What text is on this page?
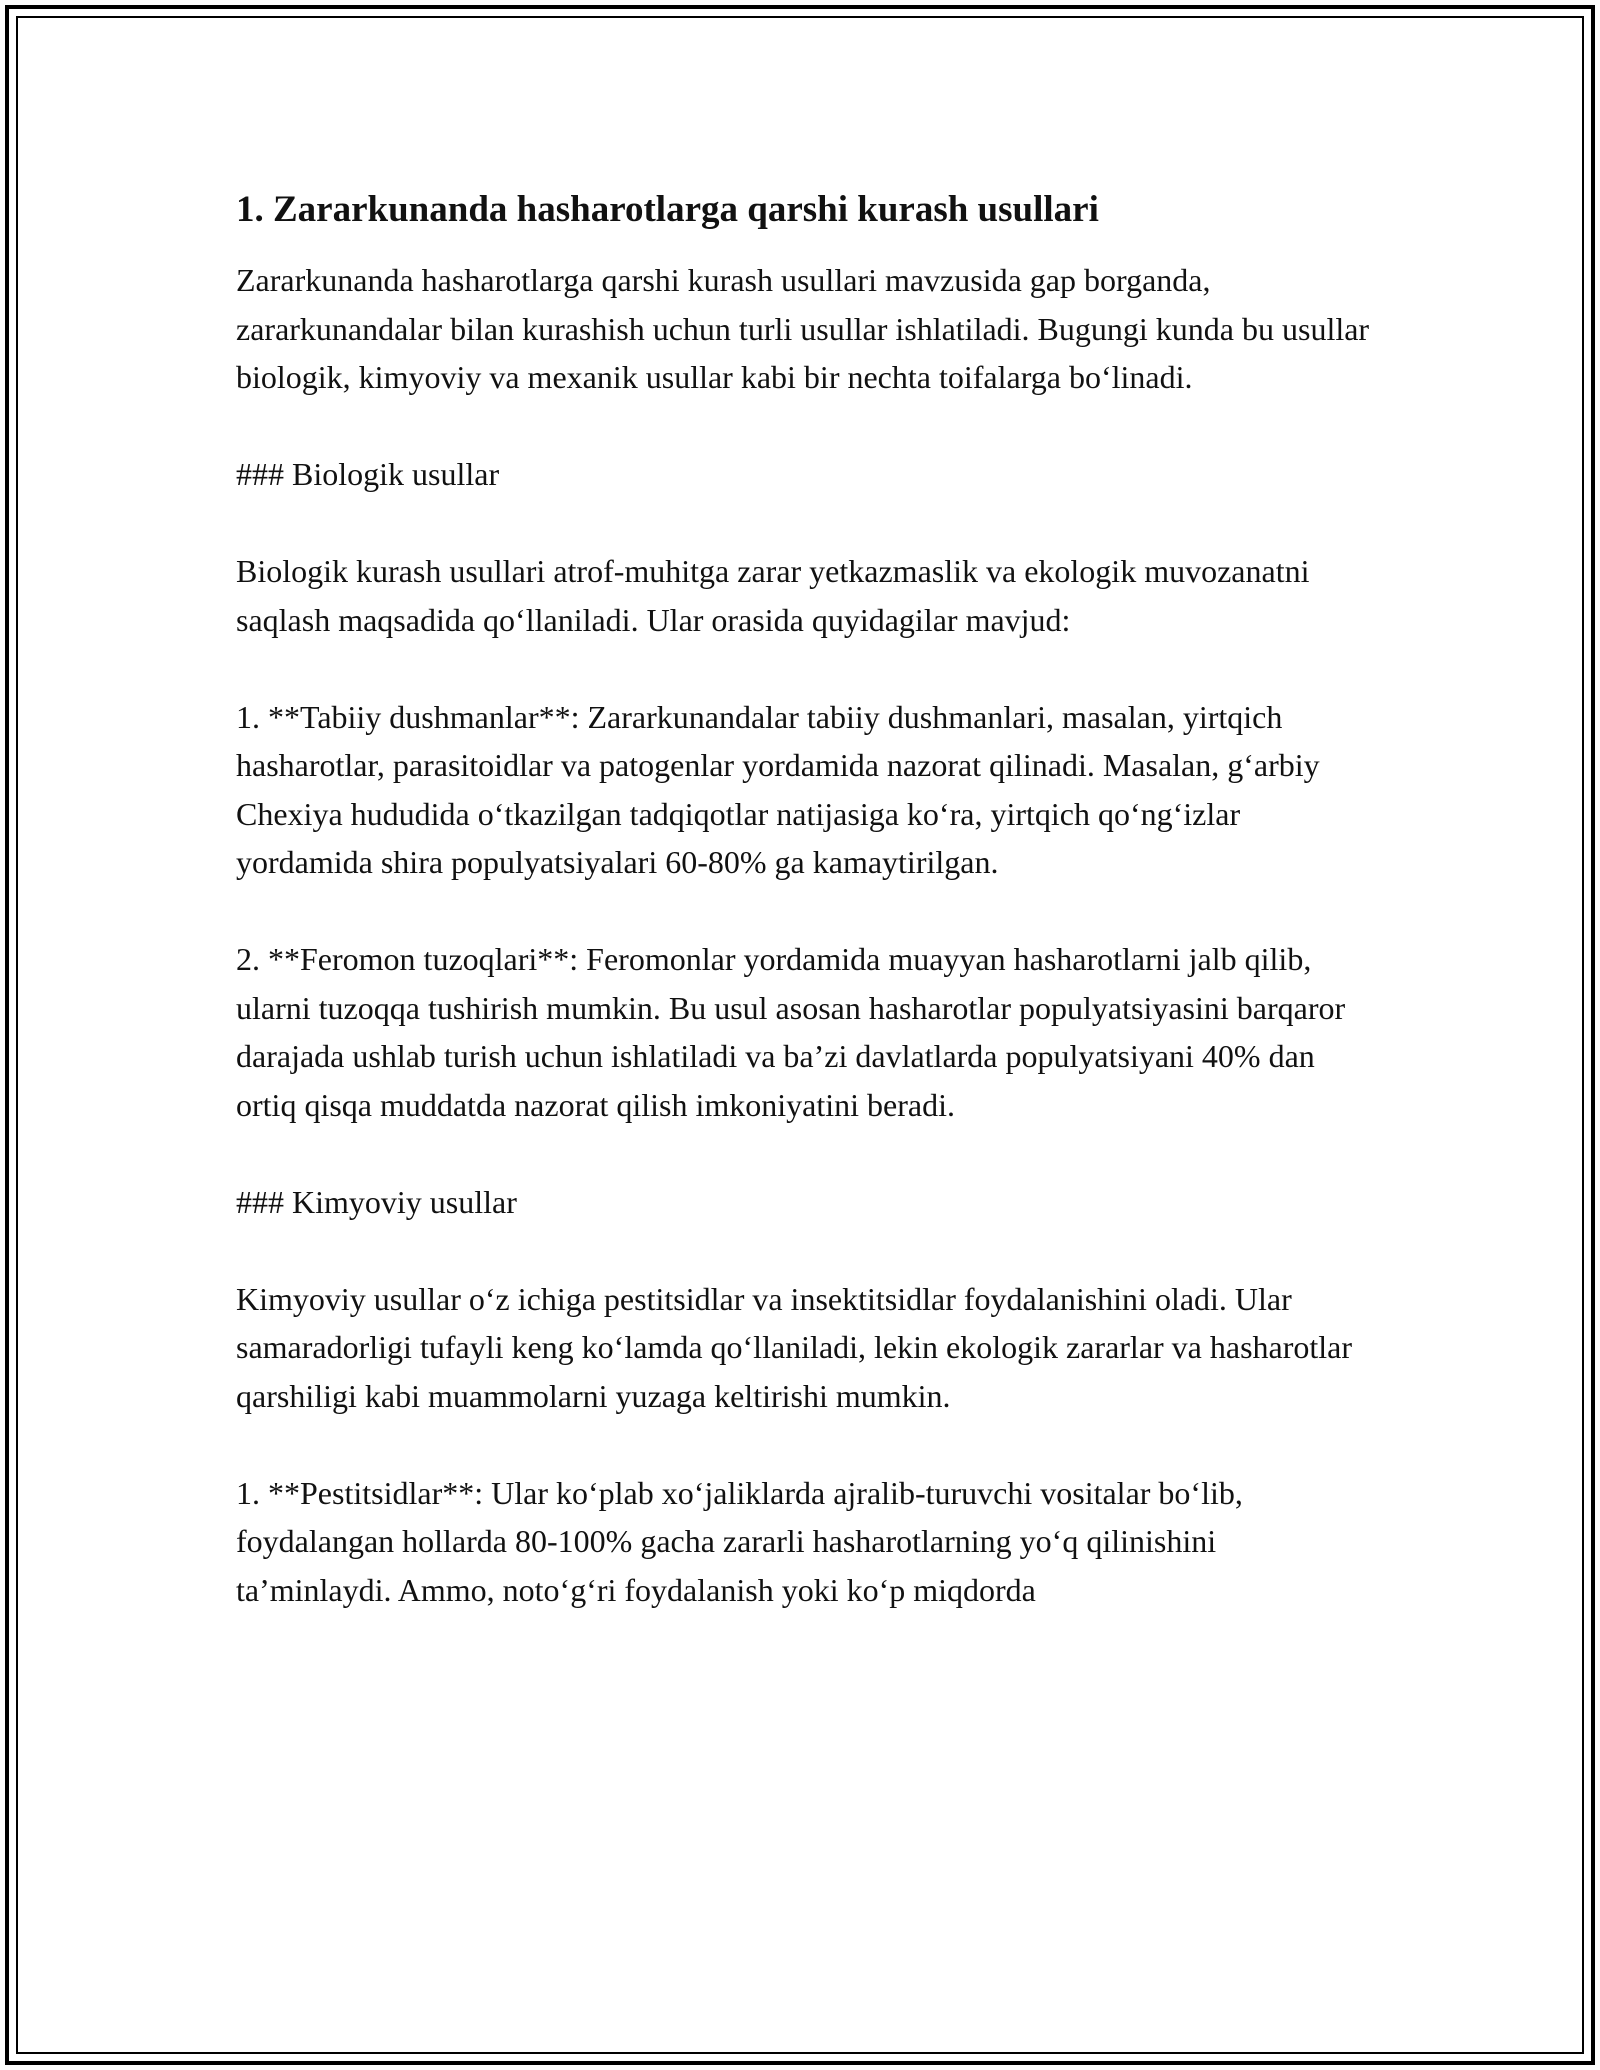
1. Zararkunanda hasharotlarga qarshi kurash usullari

Zararkunanda hasharotlarga qarshi kurash usullari mavzusida gap borganda, zararkunandalar bilan kurashish uchun turli usullar ishlatiladi. Bugungi kunda bu usullar biologik, kimyoviy va mexanik usullar kabi bir nechta toifalarga bo‘linadi.

### Biologik usullar

Biologik kurash usullari atrof-muhitga zarar yetkazmaslik va ekologik muvozanatni saqlash maqsadida qo‘llaniladi. Ular orasida quyidagilar mavjud:

1. **Tabiiy dushmanlar**: Zararkunandalar tabiiy dushmanlari, masalan, yirtqich hasharotlar, parasitoidlar va patogenlar yordamida nazorat qilinadi. Masalan, g‘arbiy Chexiya hududida o‘tkazilgan tadqiqotlar natijasiga ko‘ra, yirtqich qo‘ng‘izlar yordamida shira populyatsiyalari 60-80% ga kamaytirilgan.

2. **Feromon tuzoqlari**: Feromonlar yordamida muayyan hasharotlarni jalb qilib, ularni tuzoqqa tushirish mumkin. Bu usul asosan hasharotlar populyatsiyasini barqaror darajada ushlab turish uchun ishlatiladi va ba’zi davlatlarda populyatsiyani 40% dan ortiq qisqa muddatda nazorat qilish imkoniyatini beradi.

### Kimyoviy usullar

Kimyoviy usullar o‘z ichiga pestitsidlar va insektitsidlar foydalanishini oladi. Ular samaradorligi tufayli keng ko‘lamda qo‘llaniladi, lekin ekologik zararlar va hasharotlar qarshiligi kabi muammolarni yuzaga keltirishi mumkin.

1. **Pestitsidlar**: Ular ko‘plab xo‘jaliklarda ajralib-turuvchi vositalar bo‘lib, foydalangan hollarda 80-100% gacha zararli hasharotlarning yo‘q qilinishini ta’minlaydi. Ammo, noto‘g‘ri foydalanish yoki ko‘p miqdorda
